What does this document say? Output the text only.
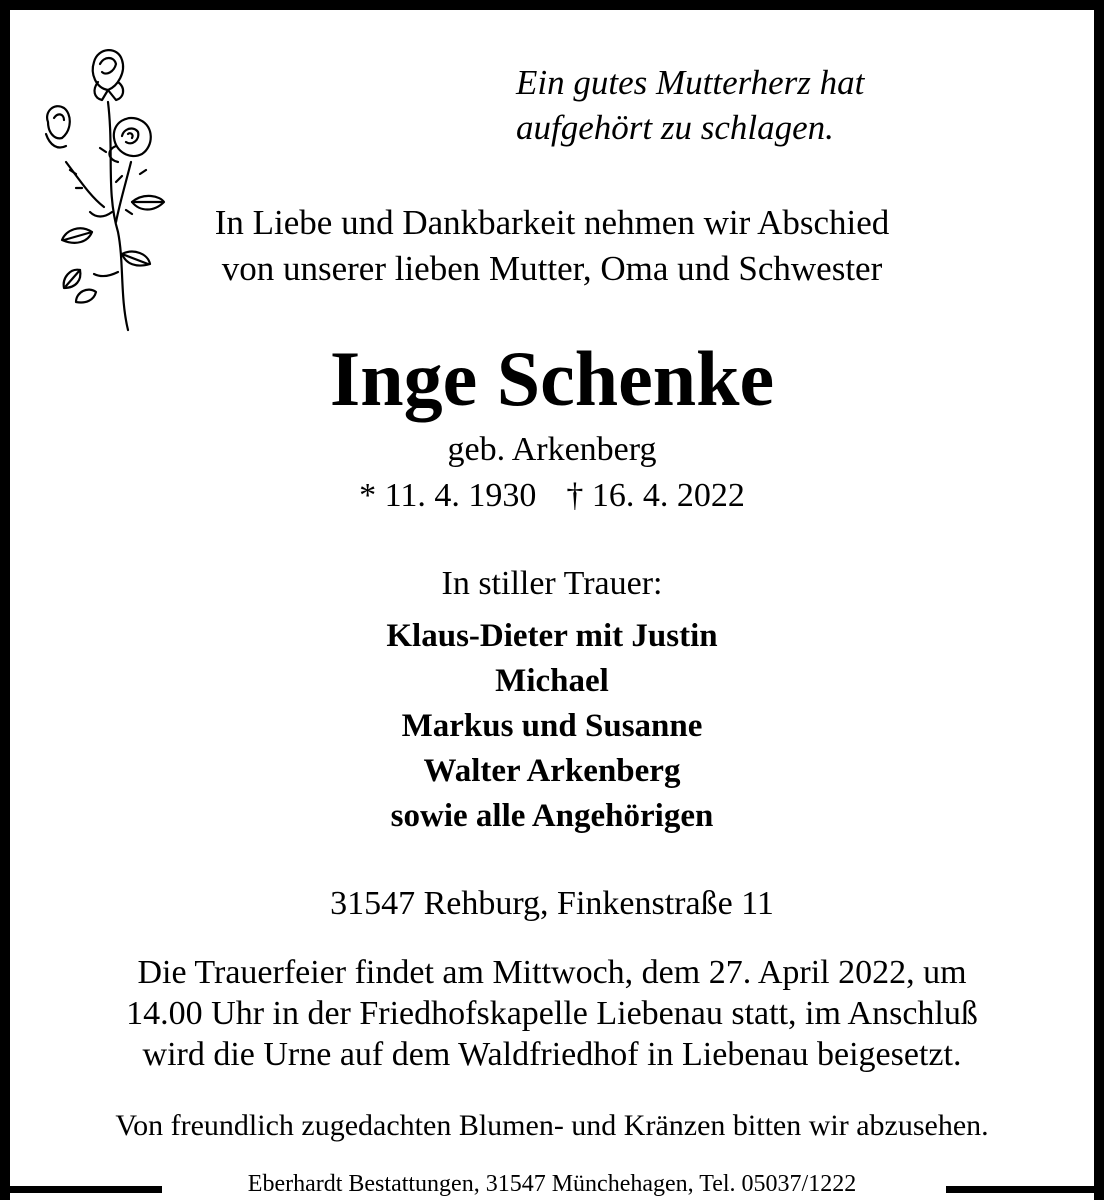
Ein gutes Mutterherz hat
aufgehört zu schlagen.
In Liebe und Dankbarkeit nehmen wir Abschied
von unserer lieben Mutter, Oma und Schwester
Inge Schenke
geb. Arkenberg
* 11. 4. 1930 † 16. 4. 2022
In stiller Trauer:
Klaus-Dieter mit Justin
Michael
Markus und Susanne
Walter Arkenberg
sowie alle Angehörigen
31547 Rehburg, Finkenstraße 11
Die Trauerfeier findet am Mittwoch, dem 27. April 2022, um
14.00 Uhr in der Friedhofskapelle Liebenau statt, im Anschluß
wird die Urne auf dem Waldfriedhof in Liebenau beigesetzt.
Von freundlich zugedachten Blumen- und Kränzen bitten wir abzusehen.
Eberhardt Bestattungen, 31547 Münchehagen, Tel. 05037/1222
